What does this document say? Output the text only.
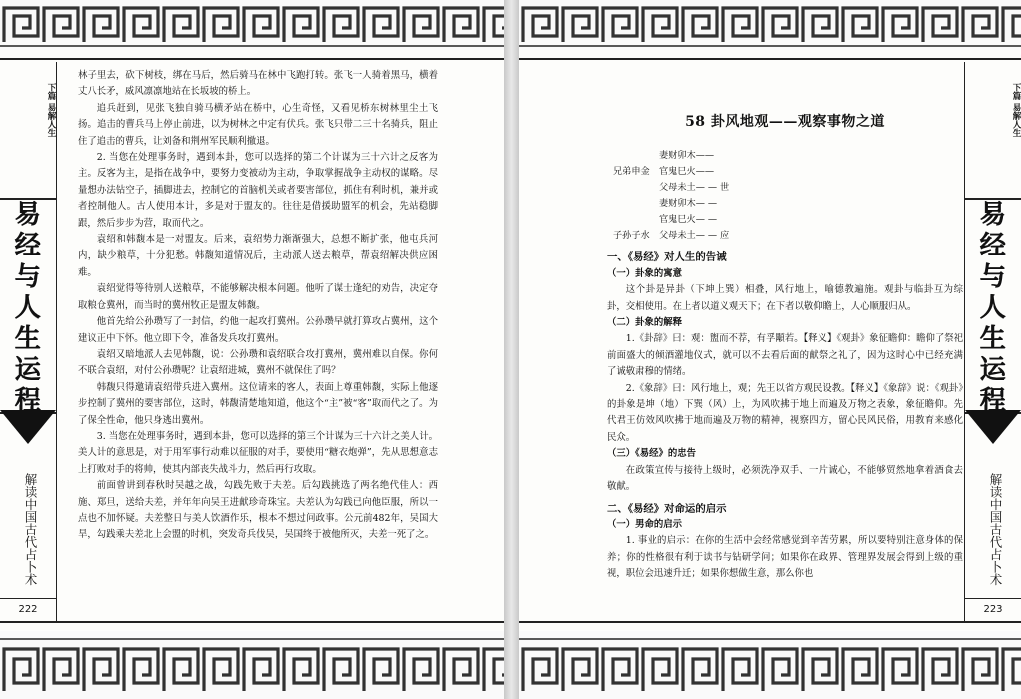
下篇 易解人生
易
经
与
人
生
运
程
解读中国古代占卜术
222

林子里去，砍下树枝，绑在马后，然后骑马在林中飞跑打转。张飞一人骑着黑马，横着丈八长矛，威风凛凛地站在长坂坡的桥上。

追兵赶到，见张飞独自骑马横矛站在桥中，心生奇怪，又看见桥东树林里尘土飞扬。追击的曹兵马上停止前进，以为树林之中定有伏兵。张飞只带二三十名骑兵，阻止住了追击的曹兵，让刘备和荆州军民顺利撤退。

2. 当您在处理事务时，遇到本卦，您可以选择的第二个计谋为三十六计之反客为主。反客为主，是指在战争中，要努力变被动为主动，争取掌握战争主动权的谋略。尽量想办法钻空子，插脚进去，控制它的首脑机关或者要害部位，抓住有利时机，兼并或者控制他人。古人使用本计，多是对于盟友的。往往是借援助盟军的机会，先站稳脚跟，然后步步为营，取而代之。

袁绍和韩馥本是一对盟友。后来，袁绍势力渐渐强大，总想不断扩张，他屯兵河内，缺少粮草，十分犯愁。韩馥知道情况后，主动派人送去粮草，帮袁绍解决供应困难。

袁绍觉得等待别人送粮草，不能够解决根本问题。他听了谋士逢纪的劝告，决定夺取粮仓冀州，而当时的冀州牧正是盟友韩馥。

他首先给公孙瓒写了一封信，约他一起攻打冀州。公孙瓒早就打算攻占冀州，这个建议正中下怀。他立即下令，准备发兵攻打冀州。

袁绍又暗地派人去见韩馥，说：公孙瓒和袁绍联合攻打冀州，冀州难以自保。你何不联合袁绍，对付公孙瓒呢？让袁绍进城，冀州不就保住了吗？

韩馥只得邀请袁绍带兵进入冀州。这位请来的客人，表面上尊重韩馥，实际上他逐步控制了冀州的要害部位，这时，韩馥清楚地知道，他这个“主”被“客”取而代之了。为了保全性命，他只身逃出冀州。

3. 当您在处理事务时，遇到本卦，您可以选择的第三个计谋为三十六计之美人计。美人计的意思是，对于用军事行动难以征服的对手，要使用“糖衣炮弹”，先从思想意志上打败对手的将帅，使其内部丧失战斗力，然后再行攻取。

前面曾讲到春秋时吴越之战，勾践先败于夫差。后勾践挑选了两名绝代佳人：西施、郑旦，送给夫差，并年年向吴王进献珍奇珠宝。夫差认为勾践已向他臣服，所以一点也不加怀疑。夫差整日与美人饮酒作乐，根本不想过问政事。公元前482年，吴国大旱，勾践乘夫差北上会盟的时机，突发奇兵伐吴，吴国终于被他所灭，夫差一死了之。

58 卦风地观——观察事物之道
妻财卯木——
兄弟申金	官鬼巳火——
父母未土— — 世
妻财卯木— —
官鬼巳火— —
子孙子水	父母未土— — 应
一、《易经》对人生的告诫
（一）卦象的寓意

这个卦是异卦（下坤上巽）相叠，风行地上，喻德教遍施。观卦与临卦互为综卦，交相使用。在上者以道义观天下；在下者以敬仰瞻上，人心顺服归从。

（二）卦象的解释

1.《卦辞》曰：观：盥而不荐，有孚顒若。【释义】《观卦》象征瞻仰：瞻仰了祭祀前面盛大的倾酒灌地仪式，就可以不去看后面的献祭之礼了，因为这时心中已经充满了诚敬肃穆的情绪。

2.《象辞》曰：风行地上，观；先王以省方观民设教。【释义】《象辞》说：《观卦》的卦象是坤（地）下巽（风）上，为风吹拂于地上而遍及万物之表象，象征瞻仰。先代君王仿效风吹拂于地而遍及万物的精神，视察四方，留心民风民俗，用教育来感化民众。

（三）《易经》的忠告

在政策宣传与接待上级时，必须洗净双手、一片诚心，不能够贸然地拿着酒食去敬献。

二、《易经》对命运的启示
（一）男命的启示

1. 事业的启示：在你的生活中会经常感觉到辛苦劳累，所以要特别注意身体的保养；你的性格很有利于读书与钻研学问；如果你在政界、管理界发展会得到上级的重视，职位会迅速升迁；如果你想做生意，那么你也

下篇 易解人生
易
经
与
人
生
运
程
解读中国古代占卜术
223
